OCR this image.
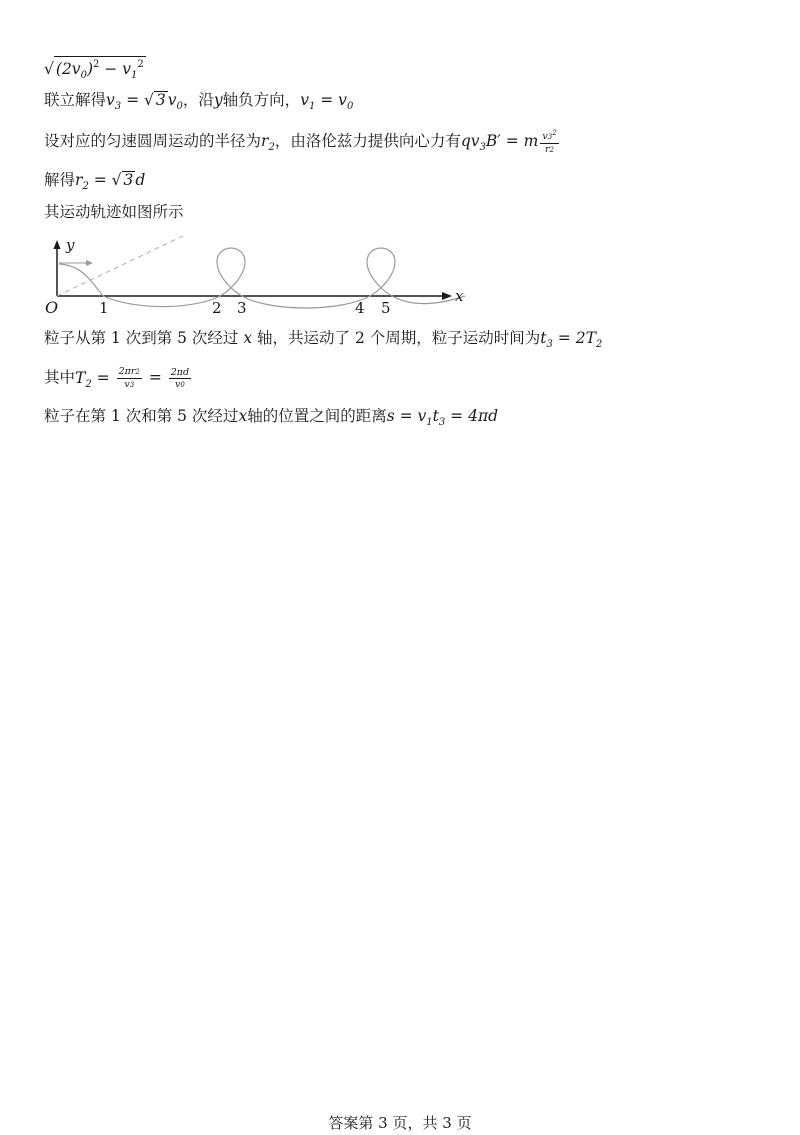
√ $(2v_0)^2 - v_1^2$
联立解得$v_3$ = √ 3 $v_0$，沿y轴负方向，$v_1 = v_0$
设对应的匀速圆周运动的半径为$r_2$，由洛伦兹力提供向心力有$qv_3B' = m \frac{v3^2}{r2}$
解得$r_2$ = √ 3 d
其运动轨迹如图所示
y
x
O	1	2 3	4 5
粒子从第 1 次到第 5 次经过 x 轴，共运动了 2 个周期，粒子运动时间为$t_3 = 2T_2$
其中$T_2 = \frac{2\pi r2}{v3} = \frac{2\pi d}{v0}$
粒子在第 1 次和第 5 次经过x轴的位置之间的距离$s = v_1t_3 = 4\pi d$
答案第 3 页，共 3 页
